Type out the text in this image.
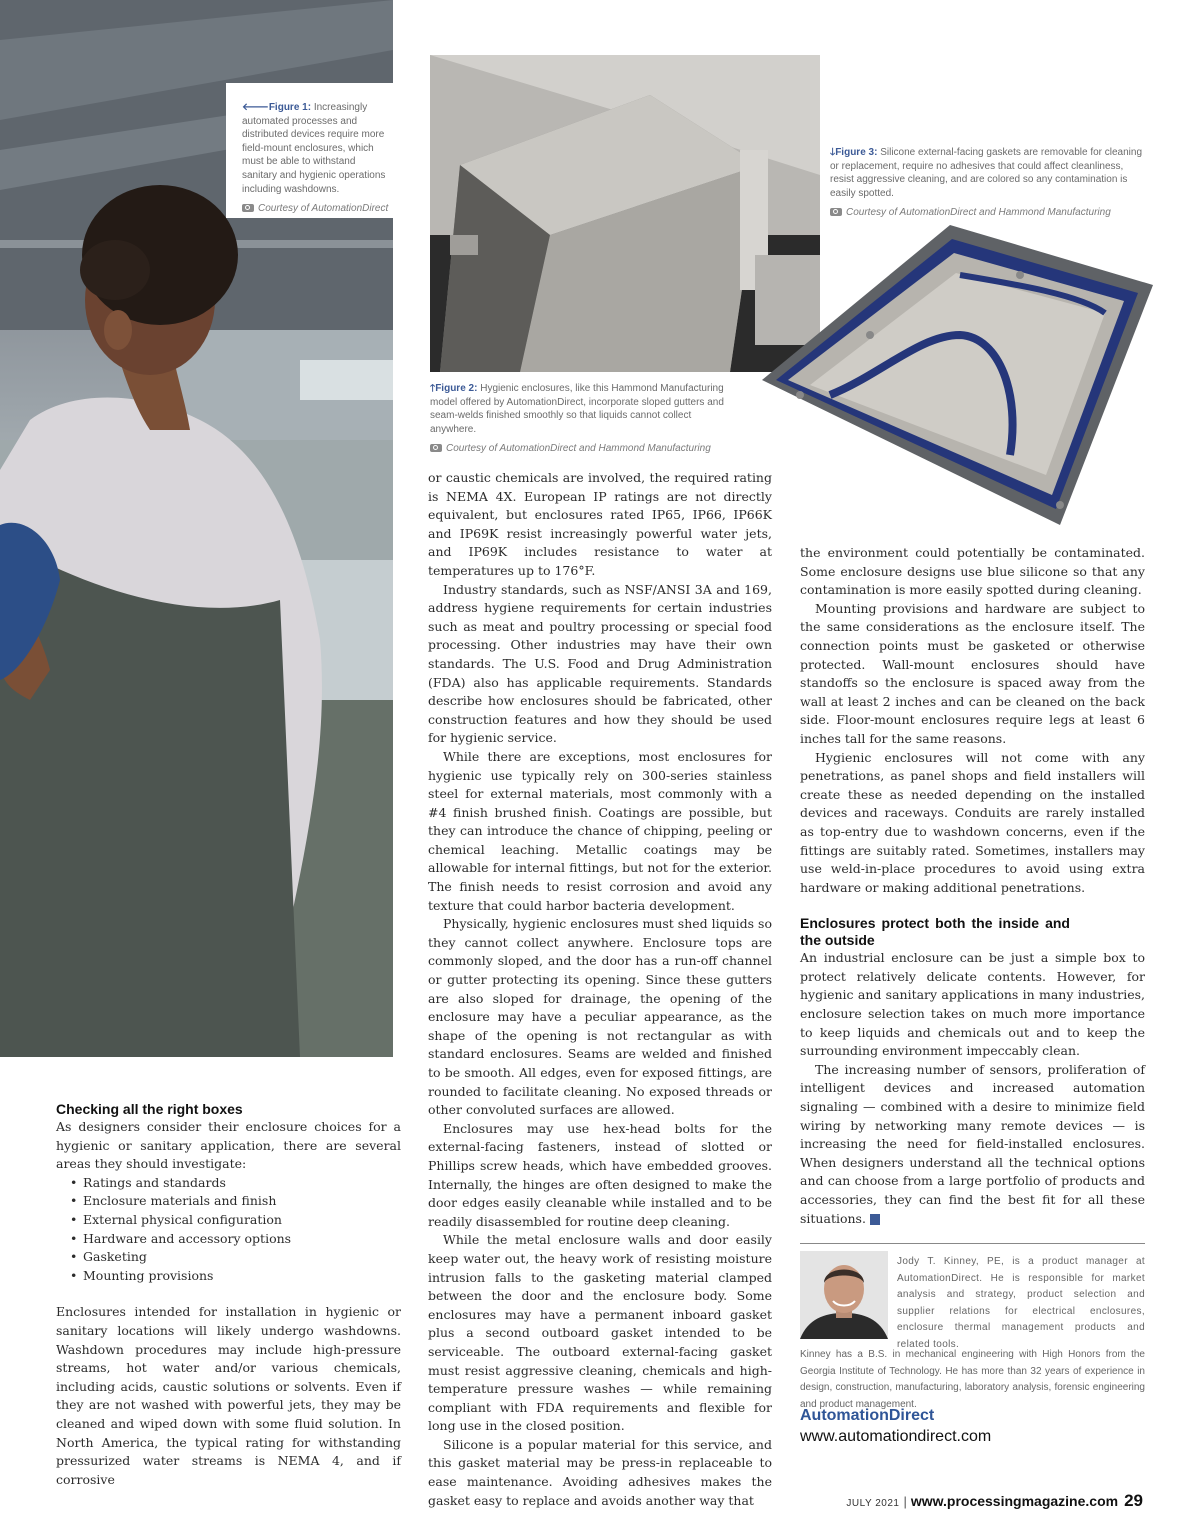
🡐Figure 1: Increasingly automated processes and distributed devices require more field-mount enclosures, which must be able to withstand sanitary and hygienic operations including washdowns.
Courtesy of AutomationDirect
🡑Figure 2: Hygienic enclosures, like this Hammond Manufacturing model offered by AutomationDirect, incorporate sloped gutters and seam-welds finished smoothly so that liquids cannot collect anywhere.
Courtesy of AutomationDirect and Hammond Manufacturing
🡓Figure 3: Silicone external-facing gaskets are removable for cleaning or replacement, require no adhesives that could affect cleanliness, resist aggressive cleaning, and are colored so any contamination is easily spotted.
Courtesy of AutomationDirect and Hammond Manufacturing
Checking all the right boxes

As designers consider their enclosure choices for a hygienic or sanitary application, there are several areas they should investigate:

• Ratings and standards
• Enclosure materials and finish
• External physical configuration
• Hardware and accessory options
• Gasketing
• Mounting provisions

Enclosures intended for installation in hygienic or sanitary locations will likely undergo washdowns. Washdown procedures may include high-pressure streams, hot water and/or various chemicals, including acids, caustic solutions or solvents. Even if they are not washed with powerful jets, they may be cleaned and wiped down with some fluid solution. In North America, the typical rating for withstanding pressurized water streams is NEMA 4, and if corrosive

or caustic chemicals are involved, the required rating is NEMA 4X. European IP ratings are not directly equivalent, but enclosures rated IP65, IP66, IP66K and IP69K resist increasingly powerful water jets, and IP69K includes resistance to water at temperatures up to 176°F.

Industry standards, such as NSF/ANSI 3A and 169, address hygiene requirements for certain industries such as meat and poultry processing or special food processing. Other industries may have their own standards. The U.S. Food and Drug Administration (FDA) also has applicable requirements. Standards describe how enclosures should be fabricated, other construction features and how they should be used for hygienic service.

While there are exceptions, most enclosures for hygienic use typically rely on 300-series stainless steel for external materials, most commonly with a #4 finish brushed finish. Coatings are possible, but they can introduce the chance of chipping, peeling or chemical leaching. Metallic coatings may be allowable for internal fittings, but not for the exterior. The finish needs to resist corrosion and avoid any texture that could harbor bacteria development.

Physically, hygienic enclosures must shed liquids so they cannot collect anywhere. Enclosure tops are commonly sloped, and the door has a run-off channel or gutter protecting its opening. Since these gutters are also sloped for drainage, the opening of the enclosure may have a peculiar appearance, as the shape of the opening is not rectangular as with standard enclosures. Seams are welded and finished to be smooth. All edges, even for exposed fittings, are rounded to facilitate cleaning. No exposed threads or other convoluted surfaces are allowed.

Enclosures may use hex-head bolts for the external-facing fasteners, instead of slotted or Phillips screw heads, which have embedded grooves. Internally, the hinges are often designed to make the door edges easily cleanable while installed and to be readily disassembled for routine deep cleaning.

While the metal enclosure walls and door easily keep water out, the heavy work of resisting moisture intrusion falls to the gasketing material clamped between the door and the enclosure body. Some enclosures may have a permanent inboard gasket plus a second outboard gasket intended to be serviceable. The outboard external-facing gasket must resist aggressive cleaning, chemicals and high-temperature pressure washes — while remaining compliant with FDA requirements and flexible for long use in the closed position.

Silicone is a popular material for this service, and this gasket material may be press-in replaceable to ease maintenance. Avoiding adhesives makes the gasket easy to replace and avoids another way that

the environment could potentially be contaminated. Some enclosure designs use blue silicone so that any contamination is more easily spotted during cleaning.

Mounting provisions and hardware are subject to the same considerations as the enclosure itself. The connection points must be gasketed or otherwise protected. Wall-mount enclosures should have standoffs so the enclosure is spaced away from the wall at least 2 inches and can be cleaned on the back side. Floor-mount enclosures require legs at least 6 inches tall for the same reasons.

Hygienic enclosures will not come with any penetrations, as panel shops and field installers will create these as needed depending on the installed devices and raceways. Conduits are rarely installed as top-entry due to washdown concerns, even if the fittings are suitably rated. Sometimes, installers may use weld-in-place procedures to avoid using extra hardware or making additional penetrations.

Enclosures protect both the inside and the outside

An industrial enclosure can be just a simple box to protect relatively delicate contents. However, for hygienic and sanitary applications in many industries, enclosure selection takes on much more importance to keep liquids and chemicals out and to keep the surrounding environment impeccably clean.

The increasing number of sensors, proliferation of intelligent devices and increased automation signaling — combined with a desire to minimize field wiring by networking many remote devices — is increasing the need for field-installed enclosures. When designers understand all the technical options and can choose from a large portfolio of products and accessories, they can find the best fit for all these situations. I

Jody T. Kinney, PE, is a product manager at AutomationDirect. He is responsible for market analysis and strategy, product selection and supplier relations for electrical enclosures, enclosure thermal management products and related tools.
Kinney has a B.S. in mechanical engineering with High Honors from the Georgia Institute of Technology. He has more than 32 years of experience in design, construction, manufacturing, laboratory analysis, forensic engineering and product management.
AutomationDirect
www.automationdirect.com
JULY 2021 | www.processingmagazine.com 29
